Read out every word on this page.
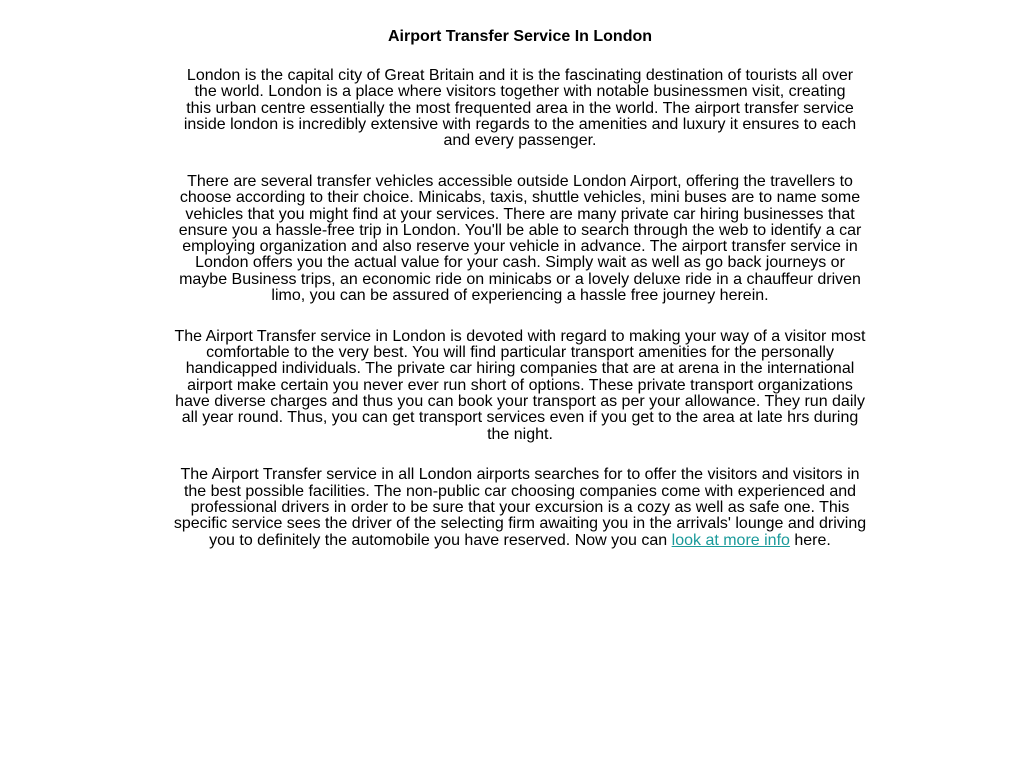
Airport Transfer Service In London

London is the capital city of Great Britain and it is the fascinating destination of tourists all over the world. London is a place where visitors together with notable businessmen visit, creating this urban centre essentially the most frequented area in the world. The airport transfer service inside london is incredibly extensive with regards to the amenities and luxury it ensures to each and every passenger.

There are several transfer vehicles accessible outside London Airport, offering the travellers to choose according to their choice. Minicabs, taxis, shuttle vehicles, mini buses are to name some vehicles that you might find at your services. There are many private car hiring businesses that ensure you a hassle-free trip in London. You'll be able to search through the web to identify a car employing organization and also reserve your vehicle in advance. The airport transfer service in London offers you the actual value for your cash. Simply wait as well as go back journeys or maybe Business trips, an economic ride on minicabs or a lovely deluxe ride in a chauffeur driven limo, you can be assured of experiencing a hassle free journey herein.

The Airport Transfer service in London is devoted with regard to making your way of a visitor most comfortable to the very best. You will find particular transport amenities for the personally handicapped individuals. The private car hiring companies that are at arena in the international airport make certain you never ever run short of options. These private transport organizations have diverse charges and thus you can book your transport as per your allowance. They run daily all year round. Thus, you can get transport services even if you get to the area at late hrs during the night.

The Airport Transfer service in all London airports searches for to offer the visitors and visitors in the best possible facilities. The non-public car choosing companies come with experienced and professional drivers in order to be sure that your excursion is a cozy as well as safe one. This specific service sees the driver of the selecting firm awaiting you in the arrivals' lounge and driving you to definitely the automobile you have reserved. Now you can look at more info here.
